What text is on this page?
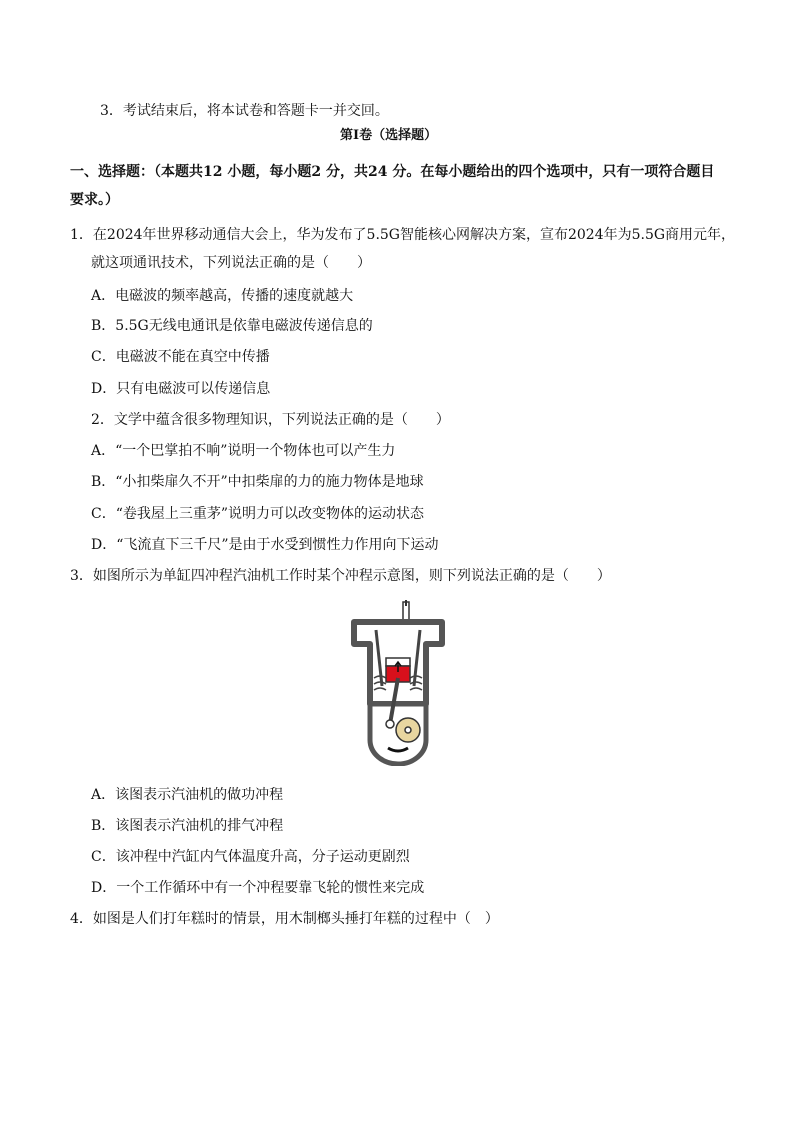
3．考试结束后，将本试卷和答题卡一并交回。
第Ⅰ卷（选择题）
一、选择题：（本题共12 小题，每小题2 分，共24 分。在每小题给出的四个选项中，只有一项符合题目
要求。）
1．在2024年世界移动通信大会上，华为发布了5.5G智能核心网解决方案，宣布2024年为5.5G商用元年，
就这项通讯技术，下列说法正确的是（　　）
A．电磁波的频率越高，传播的速度就越大
B．5.5G无线电通讯是依靠电磁波传递信息的
C．电磁波不能在真空中传播
D．只有电磁波可以传递信息
2．文学中蕴含很多物理知识，下列说法正确的是（　　）
A．“一个巴掌拍不响”说明一个物体也可以产生力
B．“小扣柴扉久不开”中扣柴扉的力的施力物体是地球
C．“卷我屋上三重茅”说明力可以改变物体的运动状态
D．“飞流直下三千尺”是由于水受到惯性力作用向下运动
3．如图所示为单缸四冲程汽油机工作时某个冲程示意图，则下列说法正确的是（　　）
A．该图表示汽油机的做功冲程
B．该图表示汽油机的排气冲程
C．该冲程中汽缸内气体温度升高，分子运动更剧烈
D．一个工作循环中有一个冲程要靠飞轮的惯性来完成
4．如图是人们打年糕时的情景，用木制榔头捶打年糕的过程中（　）
